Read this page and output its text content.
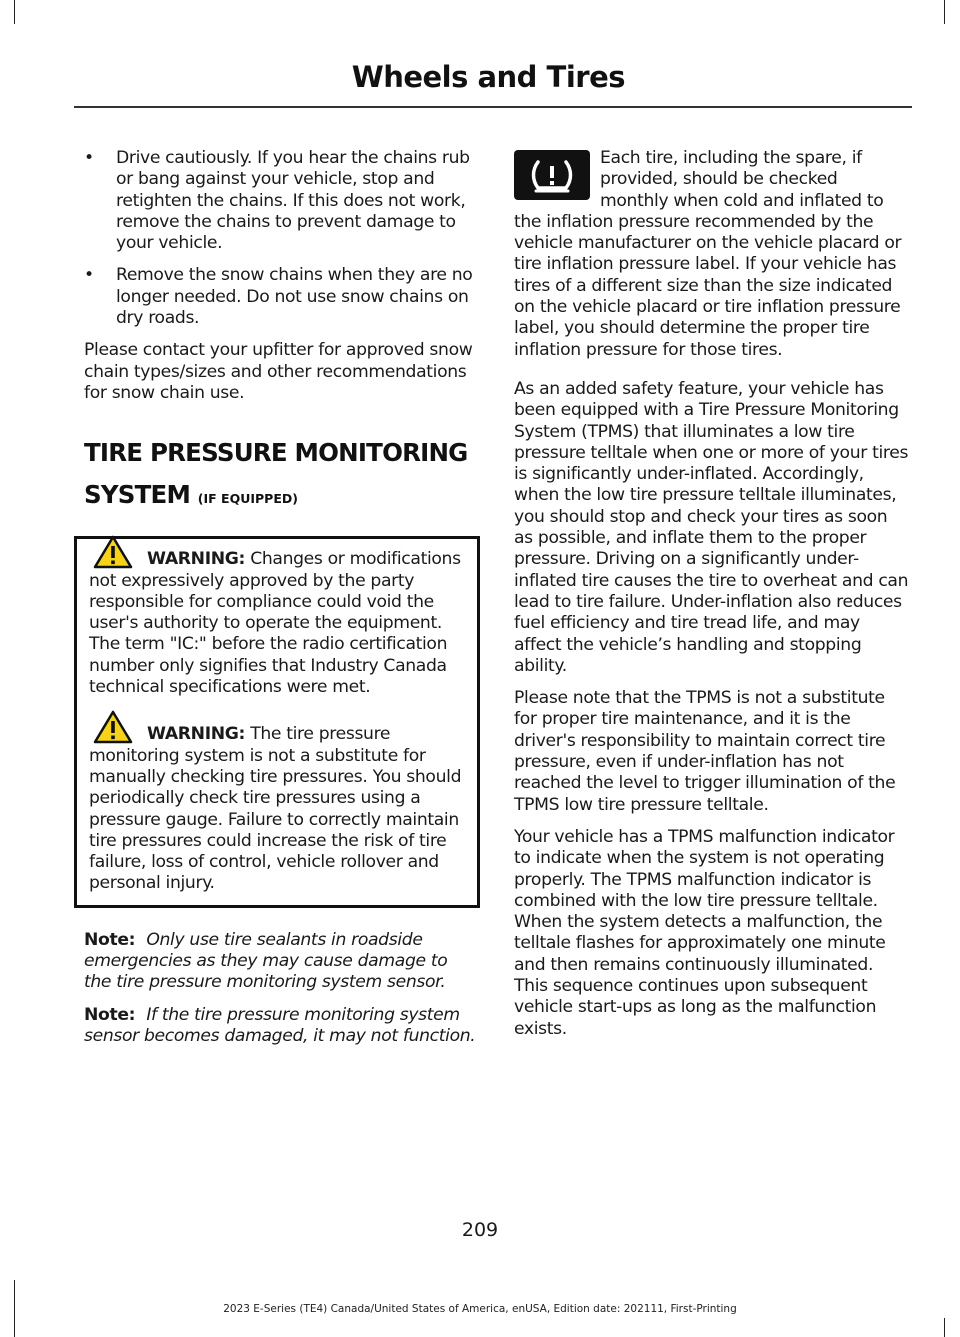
Wheels and Tires
•	Drive cautiously. If you hear the chains rub or bang against your vehicle, stop and retighten the chains. If this does not work, remove the chains to prevent damage to your vehicle.
•	Remove the snow chains when they are no longer needed. Do not use snow chains on dry roads.

Please contact your upfitter for approved snow chain types/sizes and other recommendations for snow chain use.

TIRE PRESSURE MONITORING SYSTEM (IF EQUIPPED)
WARNING: Changes or modifications not expressively approved by the party responsible for compliance could void the user's authority to operate the equipment. The term "IC:" before the radio certification number only signifies that Industry Canada technical specifications were met.
WARNING: The tire pressure monitoring system is not a substitute for manually checking tire pressures. You should periodically check tire pressures using a pressure gauge. Failure to correctly maintain tire pressures could increase the risk of tire failure, loss of control, vehicle rollover and personal injury.
Note: Only use tire sealants in roadside emergencies as they may cause damage to the tire pressure monitoring system sensor.
Note: If the tire pressure monitoring system sensor becomes damaged, it may not function.

Each tire, including the spare, if provided, should be checked monthly when cold and inflated to the inflation pressure recommended by the vehicle manufacturer on the vehicle placard or tire inflation pressure label. If your vehicle has tires of a different size than the size indicated on the vehicle placard or tire inflation pressure label, you should determine the proper tire inflation pressure for those tires.

As an added safety feature, your vehicle has been equipped with a Tire Pressure Monitoring System (TPMS) that illuminates a low tire pressure telltale when one or more of your tires is significantly under-inflated. Accordingly, when the low tire pressure telltale illuminates, you should stop and check your tires as soon as possible, and inflate them to the proper pressure. Driving on a significantly under-inflated tire causes the tire to overheat and can lead to tire failure. Under-inflation also reduces fuel efficiency and tire tread life, and may affect the vehicle’s handling and stopping ability.

Please note that the TPMS is not a substitute for proper tire maintenance, and it is the driver's responsibility to maintain correct tire pressure, even if under-inflation has not reached the level to trigger illumination of the TPMS low tire pressure telltale.

Your vehicle has a TPMS malfunction indicator to indicate when the system is not operating properly. The TPMS malfunction indicator is combined with the low tire pressure telltale. When the system detects a malfunction, the telltale flashes for approximately one minute and then remains continuously illuminated. This sequence continues upon subsequent vehicle start-ups as long as the malfunction exists.

209
2023 E-Series (TE4) Canada/United States of America, enUSA, Edition date: 202111, First-Printing
